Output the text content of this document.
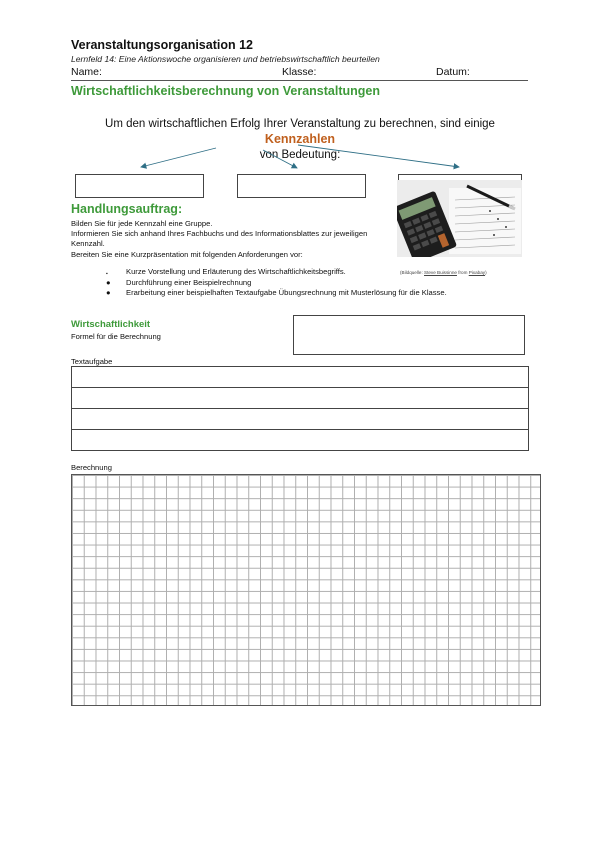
Veranstaltungsorganisation 12
Lernfeld 14: Eine Aktionswoche organisieren und betriebswirtschaftlich beurteilen
Name:	Klasse:	Datum:
Wirtschaftlichkeitsberechnung von Veranstaltungen
Um den wirtschaftlichen Erfolg Ihrer Veranstaltung zu berechnen, sind einige Kennzahlen
von Bedeutung:
(Bildquelle: Steve Buissinne from Pixabay)
Handlungsauftrag:

Bilden Sie für jede Kennzahl eine Gruppe.

Informieren Sie sich anhand Ihres Fachbuchs und des Informationsblattes zur jeweiligen Kennzahl.

Bereiten Sie eine Kurzpräsentation mit folgenden Anforderungen vor:

▪ Kurze Vorstellung und Erläuterung des Wirtschaftlichkeitsbegriffs.
● Durchführung einer Beispielrechnung
● Erarbeitung einer beispielhaften Textaufgabe Übungsrechnung mit Musterlösung für die Klasse.
Wirtschaftlichkeit
Formel für die Berechnung
Textaufgabe
Berechnung
